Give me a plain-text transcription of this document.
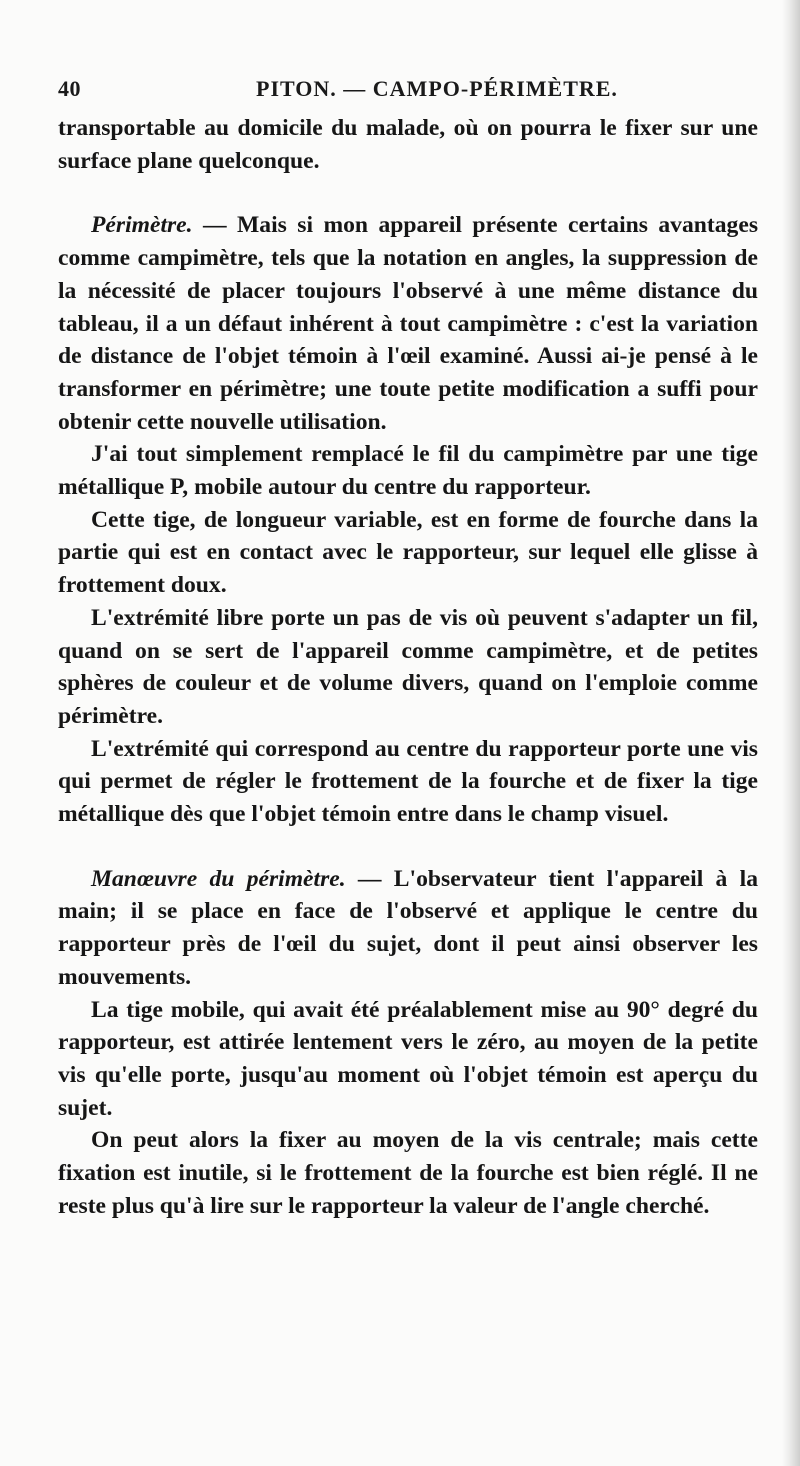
40	PITON. — CAMPO-PÉRIMÈTRE.

transportable au domicile du malade, où on pourra le fixer sur une surface plane quelconque.

Périmètre. — Mais si mon appareil présente certains avantages comme campimètre, tels que la notation en angles, la suppression de la nécessité de placer toujours l'observé à une même distance du tableau, il a un défaut inhérent à tout campimètre : c'est la variation de distance de l'objet témoin à l'œil examiné. Aussi ai-je pensé à le transformer en périmètre; une toute petite modification a suffi pour obtenir cette nouvelle utilisation.

J'ai tout simplement remplacé le fil du campimètre par une tige métallique P, mobile autour du centre du rapporteur.

Cette tige, de longueur variable, est en forme de fourche dans la partie qui est en contact avec le rapporteur, sur lequel elle glisse à frottement doux.

L'extrémité libre porte un pas de vis où peuvent s'adapter un fil, quand on se sert de l'appareil comme campimètre, et de petites sphères de couleur et de volume divers, quand on l'emploie comme périmètre.

L'extrémité qui correspond au centre du rapporteur porte une vis qui permet de régler le frottement de la fourche et de fixer la tige métallique dès que l'objet témoin entre dans le champ visuel.

Manœuvre du périmètre. — L'observateur tient l'appareil à la main; il se place en face de l'observé et applique le centre du rapporteur près de l'œil du sujet, dont il peut ainsi observer les mouvements.

La tige mobile, qui avait été préalablement mise au 90° degré du rapporteur, est attirée lentement vers le zéro, au moyen de la petite vis qu'elle porte, jusqu'au moment où l'objet témoin est aperçu du sujet.

On peut alors la fixer au moyen de la vis centrale; mais cette fixation est inutile, si le frottement de la fourche est bien réglé. Il ne reste plus qu'à lire sur le rapporteur la valeur de l'angle cherché.
